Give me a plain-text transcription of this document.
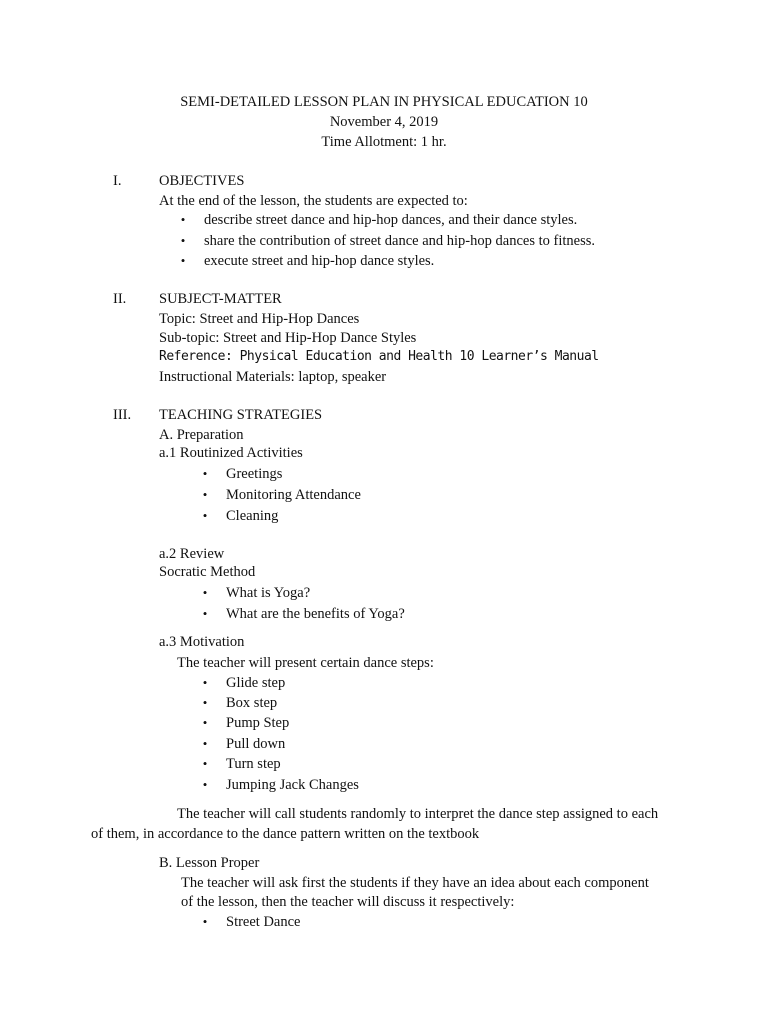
SEMI-DETAILED LESSON PLAN IN PHYSICAL EDUCATION 10
November 4, 2019
Time Allotment: 1 hr.
I.	OBJECTIVES
At the end of the lesson, the students are expected to:
• describe street dance and hip-hop dances, and their dance styles.
• share the contribution of street dance and hip-hop dances to fitness.
• execute street and hip-hop dance styles.
II. SUBJECT-MATTER
Topic: Street and Hip-Hop Dances
Sub-topic: Street and Hip-Hop Dance Styles
Reference: Physical Education and Health 10 Learner’s Manual
Instructional Materials: laptop, speaker
III. TEACHING STRATEGIES
A. Preparation
a.1 Routinized Activities
• Greetings
• Monitoring Attendance
• Cleaning
a.2 Review
Socratic Method
• What is Yoga?
• What are the benefits of Yoga?
a.3 Motivation
The teacher will present certain dance steps:
• Glide step
• Box step
• Pump Step
• Pull down
• Turn step
• Jumping Jack Changes
The teacher will call students randomly to interpret the dance step assigned to each
of them, in accordance to the dance pattern written on the textbook
B. Lesson Proper
The teacher will ask first the students if they have an idea about each component
of the lesson, then the teacher will discuss it respectively:
• Street Dance
